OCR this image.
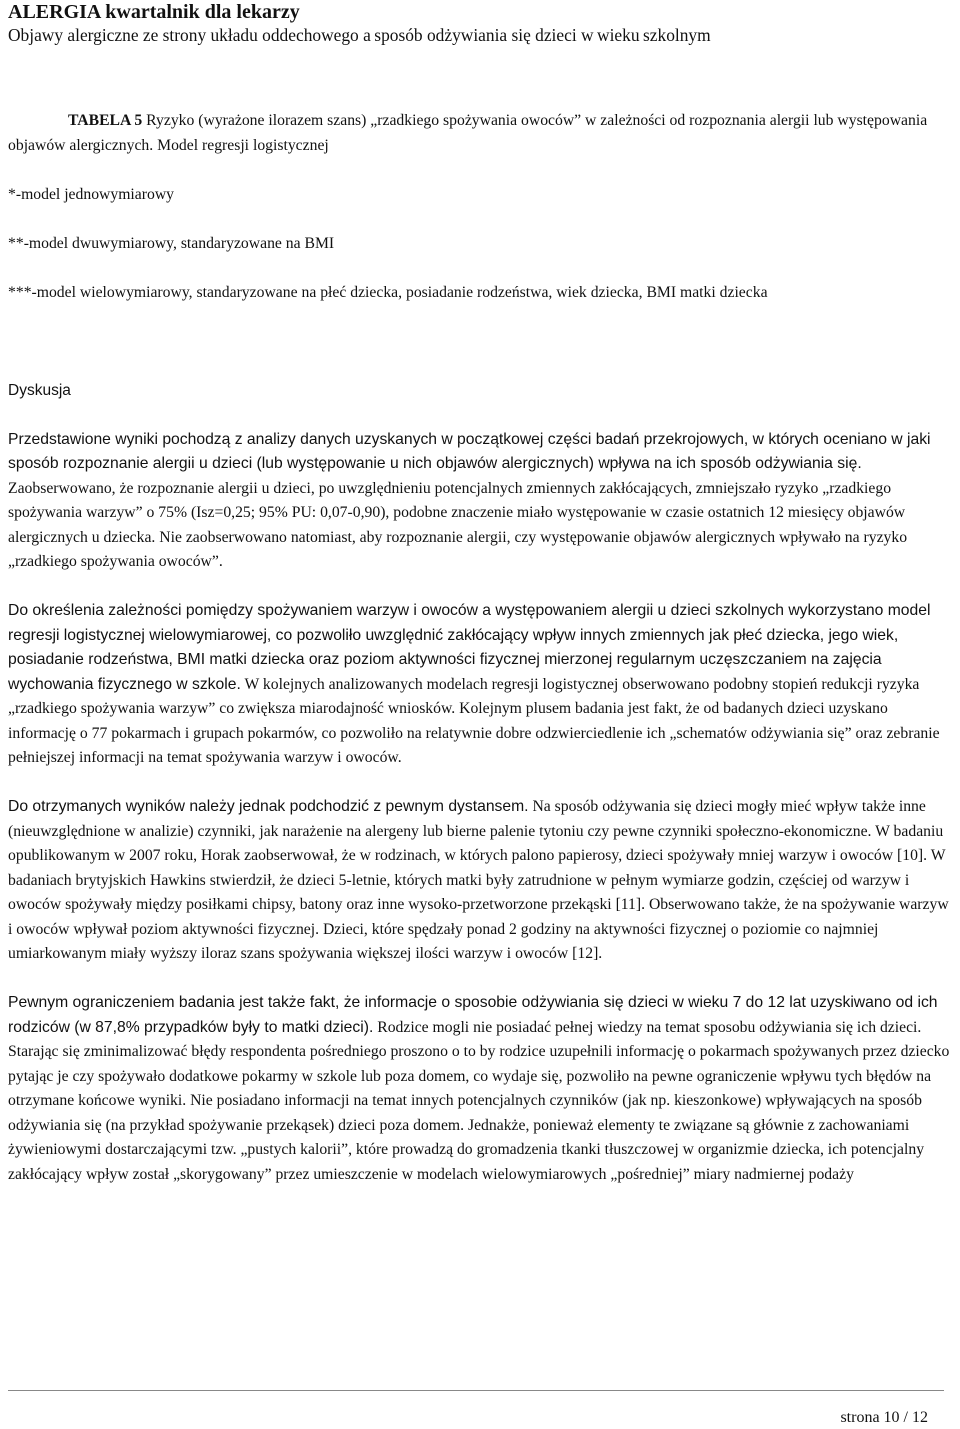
ALERGIA kwartalnik dla lekarzy
Objawy alergiczne ze strony układu oddechowego a sposób odżywiania się dzieci w wieku szkolnym

TABELA 5 Ryzyko (wyrażone ilorazem szans) „rzadkiego spożywania owoców” w zależności od rozpoznania alergii lub występowania objawów alergicznych. Model regresji logistycznej

*-model jednowymiarowy

**-model dwuwymiarowy, standaryzowane na BMI

***-model wielowymiarowy, standaryzowane na płeć dziecka, posiadanie rodzeństwa, wiek dziecka, BMI matki dziecka

Dyskusja

Przedstawione wyniki pochodzą z analizy danych uzyskanych w początkowej części badań przekrojowych, w których oceniano w jaki sposób rozpoznanie alergii u dzieci (lub występowanie u nich objawów alergicznych) wpływa na ich sposób odżywiania się. Zaobserwowano, że rozpoznanie alergii u dzieci, po uwzględnieniu potencjalnych zmiennych zakłócających, zmniejszało ryzyko „rzadkiego spożywania warzyw” o 75% (Isz=0,25; 95% PU: 0,07-0,90), podobne znaczenie miało występowanie w czasie ostatnich 12 miesięcy objawów alergicznych u dziecka. Nie zaobserwowano natomiast, aby rozpoznanie alergii, czy występowanie objawów alergicznych wpływało na ryzyko „rzadkiego spożywania owoców”.

Do określenia zależności pomiędzy spożywaniem warzyw i owoców a występowaniem alergii u dzieci szkolnych wykorzystano model regresji logistycznej wielowymiarowej, co pozwoliło uwzględnić zakłócający wpływ innych zmiennych jak płeć dziecka, jego wiek, posiadanie rodzeństwa, BMI matki dziecka oraz poziom aktywności fizycznej mierzonej regularnym uczęszczaniem na zajęcia wychowania fizycznego w szkole. W kolejnych analizowanych modelach regresji logistycznej obserwowano podobny stopień redukcji ryzyka „rzadkiego spożywania warzyw” co zwiększa miarodajność wniosków. Kolejnym plusem badania jest fakt, że od badanych dzieci uzyskano informację o 77 pokarmach i grupach pokarmów, co pozwoliło na relatywnie dobre odzwierciedlenie ich „schematów odżywiania się” oraz zebranie pełniejszej informacji na temat spożywania warzyw i owoców.

Do otrzymanych wyników należy jednak podchodzić z pewnym dystansem. Na sposób odżywania się dzieci mogły mieć wpływ także inne (nieuwzględnione w analizie) czynniki, jak narażenie na alergeny lub bierne palenie tytoniu czy pewne czynniki społeczno-ekonomiczne. W badaniu opublikowanym w 2007 roku, Horak zaobserwował, że w rodzinach, w których palono papierosy, dzieci spożywały mniej warzyw i owoców [10]. W badaniach brytyjskich Hawkins stwierdził, że dzieci 5-letnie, których matki były zatrudnione w pełnym wymiarze godzin, częściej od warzyw i owoców spożywały między posiłkami chipsy, batony oraz inne wysoko-przetworzone przekąski [11]. Obserwowano także, że na spożywanie warzyw i owoców wpływał poziom aktywności fizycznej. Dzieci, które spędzały ponad 2 godziny na aktywności fizycznej o poziomie co najmniej umiarkowanym miały wyższy iloraz szans spożywania większej ilości warzyw i owoców [12].

Pewnym ograniczeniem badania jest także fakt, że informacje o sposobie odżywiania się dzieci w wieku 7 do 12 lat uzyskiwano od ich rodziców (w 87,8% przypadków były to matki dzieci). Rodzice mogli nie posiadać pełnej wiedzy na temat sposobu odżywiania się ich dzieci. Starając się zminimalizować błędy respondenta pośredniego proszono o to by rodzice uzupełnili informację o pokarmach spożywanych przez dziecko pytając je czy spożywało dodatkowe pokarmy w szkole lub poza domem, co wydaje się, pozwoliło na pewne ograniczenie wpływu tych błędów na otrzymane końcowe wyniki. Nie posiadano informacji na temat innych potencjalnych czynników (jak np. kieszonkowe) wpływających na sposób odżywiania się (na przykład spożywanie przekąsek) dzieci poza domem. Jednakże, ponieważ elementy te związane są głównie z zachowaniami żywieniowymi dostarczającymi tzw. „pustych kalorii”, które prowadzą do gromadzenia tkanki tłuszczowej w organizmie dziecka, ich potencjalny zakłócający wpływ został „skorygowany” przez umieszczenie w modelach wielowymiarowych „pośredniej” miary nadmiernej podaży

strona 10 / 12
